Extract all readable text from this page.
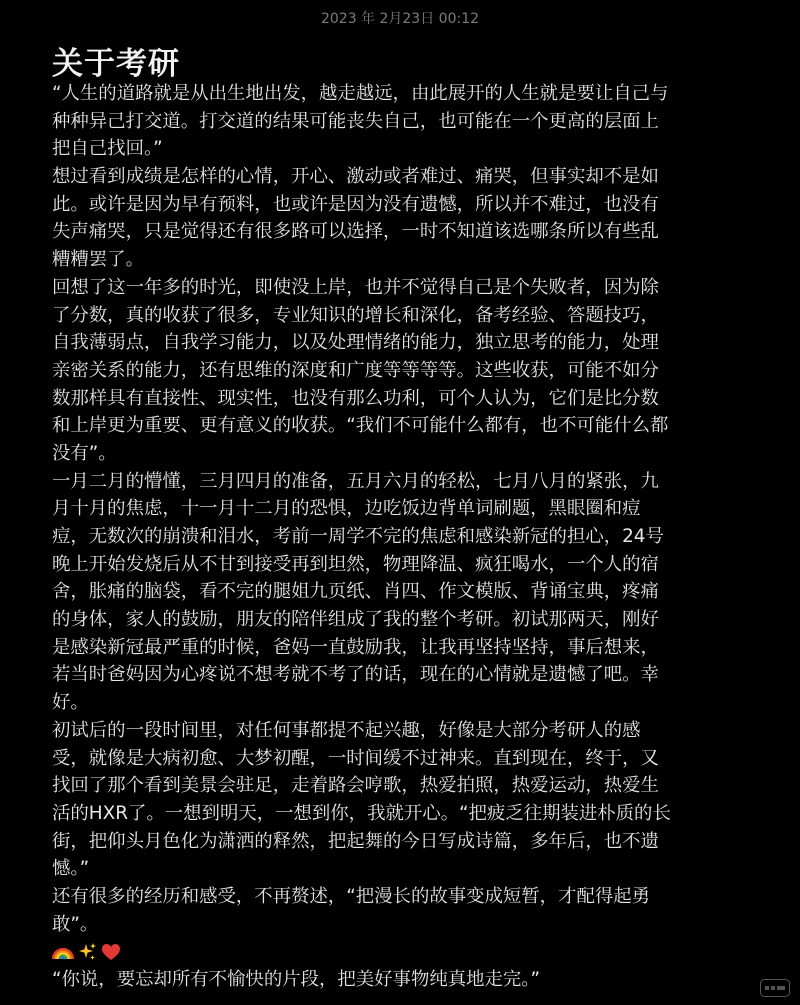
2023 年 2月23日 00:12
关于考研
“人生的道路就是从出生地出发，越走越远，由此展开的人生就是要让自己与
种种异己打交道。打交道的结果可能丧失自己，也可能在一个更高的层面上
把自己找回。”
想过看到成绩是怎样的心情，开心、激动或者难过、痛哭，但事实却不是如
此。或许是因为早有预料，也或许是因为没有遗憾，所以并不难过，也没有
失声痛哭，只是觉得还有很多路可以选择，一时不知道该选哪条所以有些乱
糟糟罢了。
回想了这一年多的时光，即使没上岸，也并不觉得自己是个失败者，因为除
了分数，真的收获了很多，专业知识的增长和深化，备考经验、答题技巧，
自我薄弱点，自我学习能力，以及处理情绪的能力，独立思考的能力，处理
亲密关系的能力，还有思维的深度和广度等等等等。这些收获，可能不如分
数那样具有直接性、现实性，也没有那么功利，可个人认为，它们是比分数
和上岸更为重要、更有意义的收获。“我们不可能什么都有，也不可能什么都
没有”。
一月二月的懵懂，三月四月的准备，五月六月的轻松，七月八月的紧张，九
月十月的焦虑，十一月十二月的恐惧，边吃饭边背单词刷题，黑眼圈和痘
痘，无数次的崩溃和泪水，考前一周学不完的焦虑和感染新冠的担心，24号
晚上开始发烧后从不甘到接受再到坦然，物理降温、疯狂喝水，一个人的宿
舍，胀痛的脑袋，看不完的腿姐九页纸、肖四、作文模版、背诵宝典，疼痛
的身体，家人的鼓励，朋友的陪伴组成了我的整个考研。初试那两天，刚好
是感染新冠最严重的时候，爸妈一直鼓励我，让我再坚持坚持，事后想来，
若当时爸妈因为心疼说不想考就不考了的话，现在的心情就是遗憾了吧。幸
好。
初试后的一段时间里，对任何事都提不起兴趣，好像是大部分考研人的感
受，就像是大病初愈、大梦初醒，一时间缓不过神来。直到现在，终于，又
找回了那个看到美景会驻足，走着路会哼歌，热爱拍照，热爱运动，热爱生
活的HXR了。一想到明天，一想到你，我就开心。“把疲乏往期装进朴质的长
街，把仰头月色化为潇洒的释然，把起舞的今日写成诗篇，多年后，也不遗
憾。”
还有很多的经历和感受，不再赘述，“把漫长的故事变成短暂，才配得起勇
敢”。
“你说，要忘却所有不愉快的片段，把美好事物纯真地走完。”
